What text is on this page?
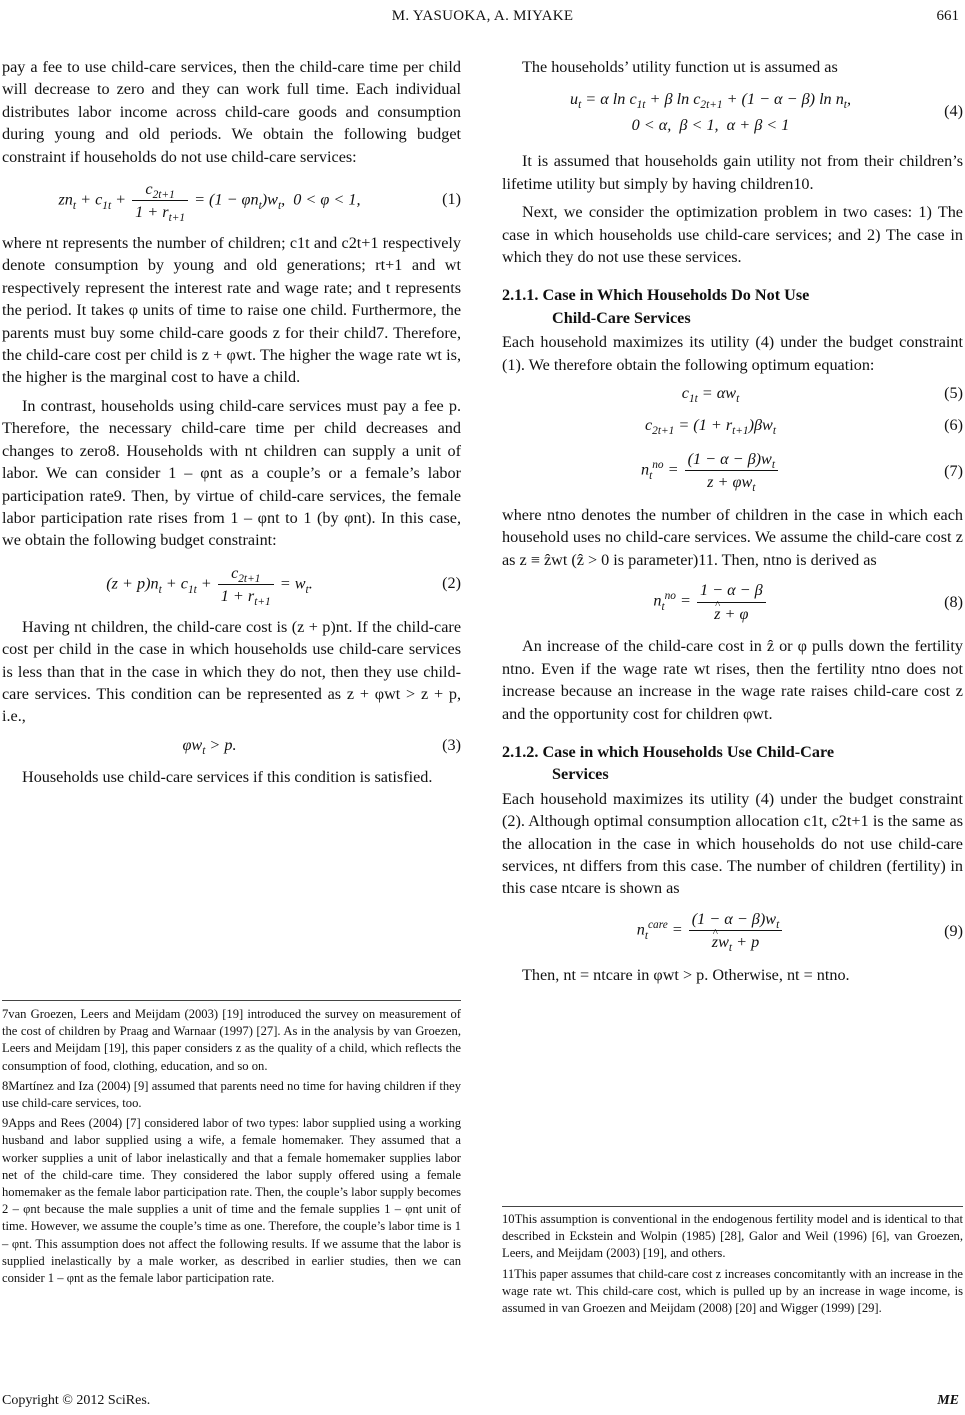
M. YASUOKA, A. MIYAKE	661

pay a fee to use child-care services, then the child-care time per child will decrease to zero and they can work full time. Each individual distributes labor income across child-care goods and consumption during young and old periods. We obtain the following budget constraint if households do not use child-care services:

$zn_t + c_{1t} + \frac{c_{2t+1}}{1 + r_{t+1}} = (1 - \varphi n_t)w_t$,  0 < φ < 1,	(1)

where nt represents the number of children; c1t and c2t+1 respectively denote consumption by young and old generations; rt+1 and wt respectively represent the interest rate and wage rate; and t represents the period. It takes φ units of time to raise one child. Furthermore, the parents must buy some child-care goods z for their child7. Therefore, the child-care cost per child is z + φwt. The higher the wage rate wt is, the higher is the marginal cost to have a child.

In contrast, households using child-care services must pay a fee p. Therefore, the necessary child-care time per child decreases and changes to zero8. Households with nt children can supply a unit of labor. We can consider 1 – φnt as a couple’s or a female’s labor participation rate9. Then, by virtue of child-care services, the female labor participation rate rises from 1 – φnt to 1 (by φnt). In this case, we obtain the following budget constraint:

$(z + p)n_t + c_{1t} + \frac{c_{2t+1}}{1 + r_{t+1}} = w_t$.	(2)

Having nt children, the child-care cost is (z + p)nt. If the child-care cost per child in the case in which households use child-care services is less than that in the case in which they do not, then they use child-care services. This condition can be represented as z + φwt > z + p, i.e.,

$\varphi w_t > p$.	(3)

Households use child-care services if this condition is satisfied.

7van Groezen, Leers and Meijdam (2003) [19] introduced the survey on measurement of the cost of children by Praag and Warnaar (1997) [27]. As in the analysis by van Groezen, Leers and Meijdam [19], this paper considers z as the quality of a child, which reflects the consumption of food, clothing, education, and so on.

8Martínez and Iza (2004) [9] assumed that parents need no time for having children if they use child-care services, too.

9Apps and Rees (2004) [7] considered labor of two types: labor supplied using a working husband and labor supplied using a wife, a female homemaker. They assumed that a worker supplies a unit of labor inelastically and that a female homemaker supplies labor net of the child-care time. They considered the labor supply offered using a female homemaker as the female labor participation rate. Then, the couple’s labor supply becomes 2 – φnt because the male supplies a unit of time and the female supplies 1 – φnt unit of time. However, we assume the couple’s time as one. Therefore, the couple’s labor time is 1 – φnt. This assumption does not affect the following results. If we assume that the labor is supplied inelastically by a male worker, as described in earlier studies, then we can consider 1 – φnt as the female labor participation rate.

The households’ utility function ut is assumed as

$u_t = \alpha$ $\ln c_{1t} + \beta$ $\ln c_{2t+1} + (1 - \alpha - \beta)$ $\ln n_t$,
0 < α,  β < 1,  α + β < 1
(4)

It is assumed that households gain utility not from their children’s lifetime utility but simply by having children10.

Next, we consider the optimization problem in two cases: 1) The case in which households use child-care services; and 2) The case in which they do not use these services.

2.1.1. Case in Which Households Do Not Use
Child-Care Services

Each household maximizes its utility (4) under the budget constraint (1). We therefore obtain the following optimum equation:

$c_{1t} = \alpha w_t$	(5)
$c_{2t+1} = (1 + r_{t+1})\beta w_t$	(6)
$n_t^{no} = \frac{(1 - \alpha - \beta)w_t}{z + \varphi w_t}$	(7)

where ntno denotes the number of children in the case in which each household uses no child-care services. We assume the child-care cost z as z ≡ ẑwt (ẑ > 0 is parameter)11. Then, ntno is derived as

$n_t^{no} = 1 - \alpha - \beta$
^ z + φ	(8)

An increase of the child-care cost in ẑ or φ pulls down the fertility ntno. Even if the wage rate wt rises, then the fertility ntno does not increase because an increase in the wage rate raises child-care cost z and the opportunity cost for children φwt.

2.1.2. Case in which Households Use Child-Care
Services

Each household maximizes its utility (4) under the budget constraint (2). Although optimal consumption allocation c1t, c2t+1 is the same as the allocation in the case in which households do not use child-care services, nt differs from this case. The number of children (fertility) in this case ntcare is shown as

$n_t^{care} = (1 - \alpha - \beta)w_t$
^ $zw_t + p$	(9)

Then, nt = ntcare in φwt > p. Otherwise, nt = ntno.

10This assumption is conventional in the endogenous fertility model and is identical to that described in Eckstein and Wolpin (1985) [28], Galor and Weil (1996) [6], van Groezen, Leers, and Meijdam (2003) [19], and others.

11This paper assumes that child-care cost z increases concomitantly with an increase in the wage rate wt. This child-care cost, which is pulled up by an increase in wage income, is assumed in van Groezen and Meijdam (2008) [20] and Wigger (1999) [29].

Copyright © 2012 SciRes.	ME
